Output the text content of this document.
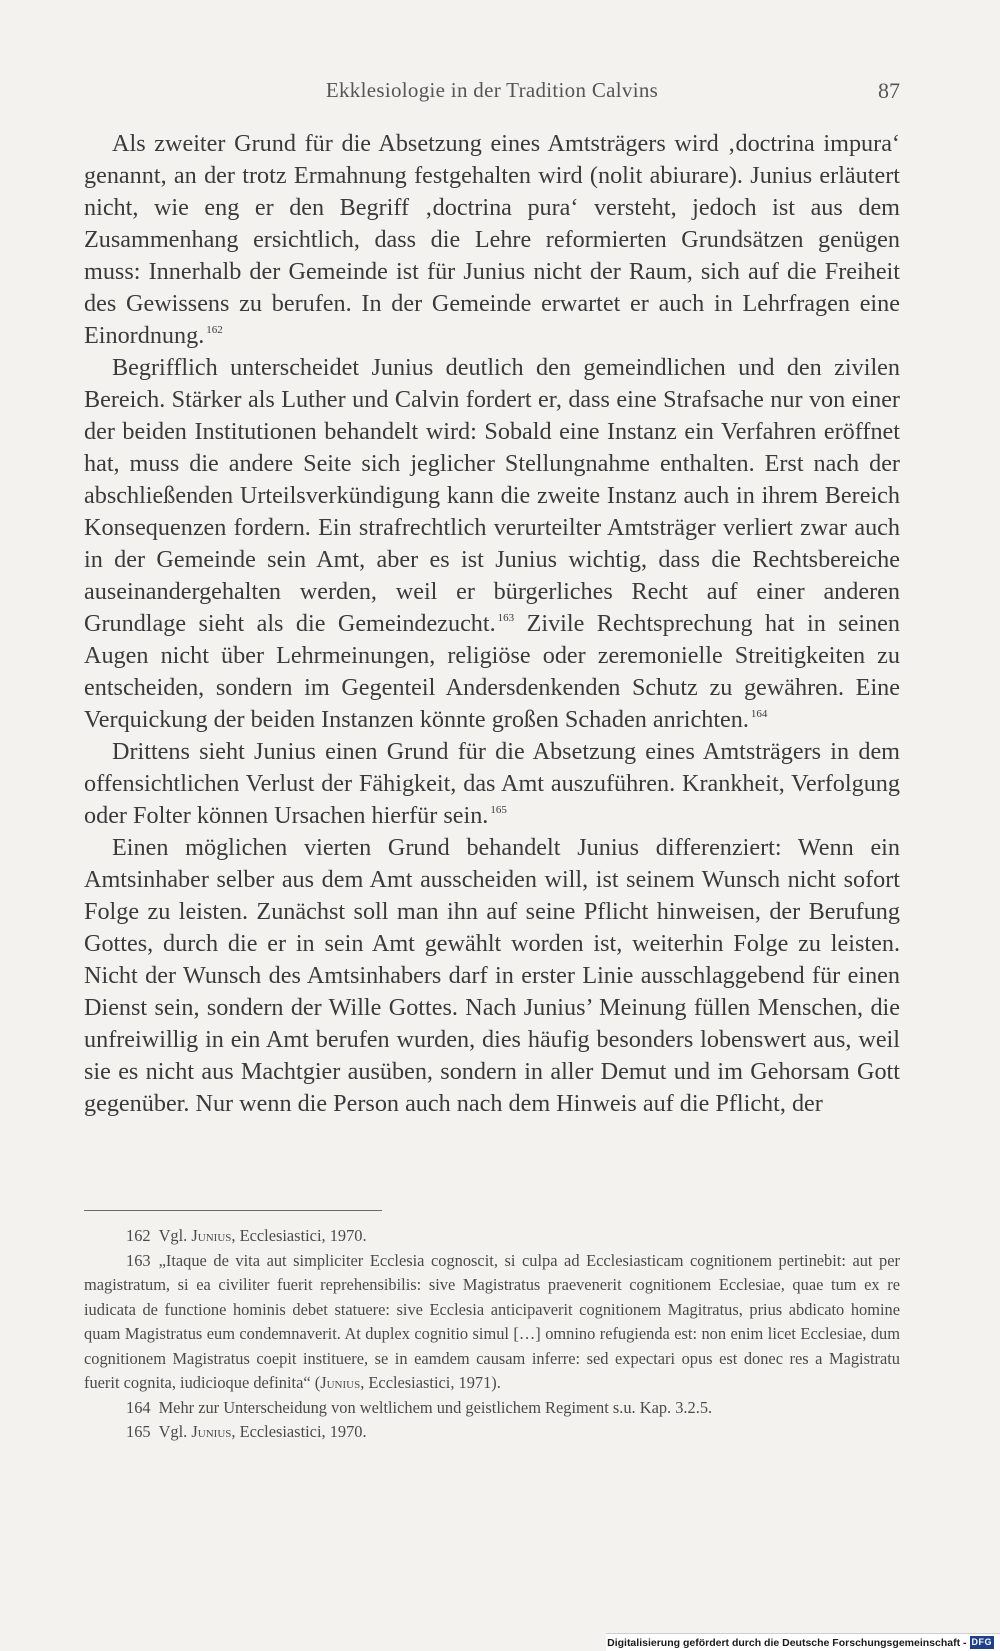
Ekklesiologie in der Tradition Calvins	87

Als zweiter Grund für die Absetzung eines Amtsträgers wird ‚doctrina impura‘ genannt, an der trotz Ermahnung festgehalten wird (nolit abiurare). Junius erläutert nicht, wie eng er den Begriff ‚doctrina pura‘ versteht, jedoch ist aus dem Zusammenhang ersichtlich, dass die Lehre reformierten Grundsätzen genügen muss: Innerhalb der Gemeinde ist für Junius nicht der Raum, sich auf die Freiheit des Gewissens zu berufen. In der Gemeinde erwartet er auch in Lehrfragen eine Einordnung. $^{162}$

Begrifflich unterscheidet Junius deutlich den gemeindlichen und den zivilen Bereich. Stärker als Luther und Calvin fordert er, dass eine Strafsache nur von einer der beiden Institutionen behandelt wird: Sobald eine Instanz ein Verfahren eröffnet hat, muss die andere Seite sich jeglicher Stellungnahme enthalten. Erst nach der abschließenden Urteilsverkündigung kann die zweite Instanz auch in ihrem Bereich Konsequenzen fordern. Ein strafrechtlich verurteilter Amtsträger verliert zwar auch in der Gemeinde sein Amt, aber es ist Junius wichtig, dass die Rechtsbereiche auseinandergehalten werden, weil er bürgerliches Recht auf einer anderen Grundlage sieht als die Gemeindezucht. $^{163}$ Zivile Rechtsprechung hat in seinen Augen nicht über Lehrmeinungen, religiöse oder zeremonielle Streitigkeiten zu entscheiden, sondern im Gegenteil Andersdenkenden Schutz zu gewähren. Eine Verquickung der beiden Instanzen könnte großen Schaden anrichten. $^{164}$

Drittens sieht Junius einen Grund für die Absetzung eines Amtsträgers in dem offensichtlichen Verlust der Fähigkeit, das Amt auszuführen. Krankheit, Verfolgung oder Folter können Ursachen hierfür sein. $^{165}$

Einen möglichen vierten Grund behandelt Junius differenziert: Wenn ein Amtsinhaber selber aus dem Amt ausscheiden will, ist seinem Wunsch nicht sofort Folge zu leisten. Zunächst soll man ihn auf seine Pflicht hinweisen, der Berufung Gottes, durch die er in sein Amt gewählt worden ist, weiterhin Folge zu leisten. Nicht der Wunsch des Amtsinhabers darf in erster Linie ausschlaggebend für einen Dienst sein, sondern der Wille Gottes. Nach Junius’ Meinung füllen Menschen, die unfreiwillig in ein Amt berufen wurden, dies häufig besonders lobenswert aus, weil sie es nicht aus Machtgier ausüben, sondern in aller Demut und im Gehorsam Gott gegenüber. Nur wenn die Person auch nach dem Hinweis auf die Pflicht, der

162 Vgl. Junius, Ecclesiastici, 1970.

163 „Itaque de vita aut simpliciter Ecclesia cognoscit, si culpa ad Ecclesiasticam cognitionem pertinebit: aut per magistratum, si ea civiliter fuerit reprehensibilis: sive Magistratus praevenerit cognitionem Ecclesiae, quae tum ex re iudicata de functione hominis debet statuere: sive Ecclesia anticipaverit cognitionem Magitratus, prius abdicato homine quam Magistratus eum condemnaverit. At duplex cognitio simul […] omnino refugienda est: non enim licet Ecclesiae, dum cognitionem Magistratus coepit instituere, se in eamdem causam inferre: sed expectari opus est donec res a Magistratu fuerit cognita, iudicioque definita“ (Junius, Ecclesiastici, 1971).

164 Mehr zur Unterscheidung von weltlichem und geistlichem Regiment s.u. Kap. 3.2.5.

165 Vgl. Junius, Ecclesiastici, 1970.

Digitalisierung gefördert durch die Deutsche Forschungsgemeinschaft - DFG
